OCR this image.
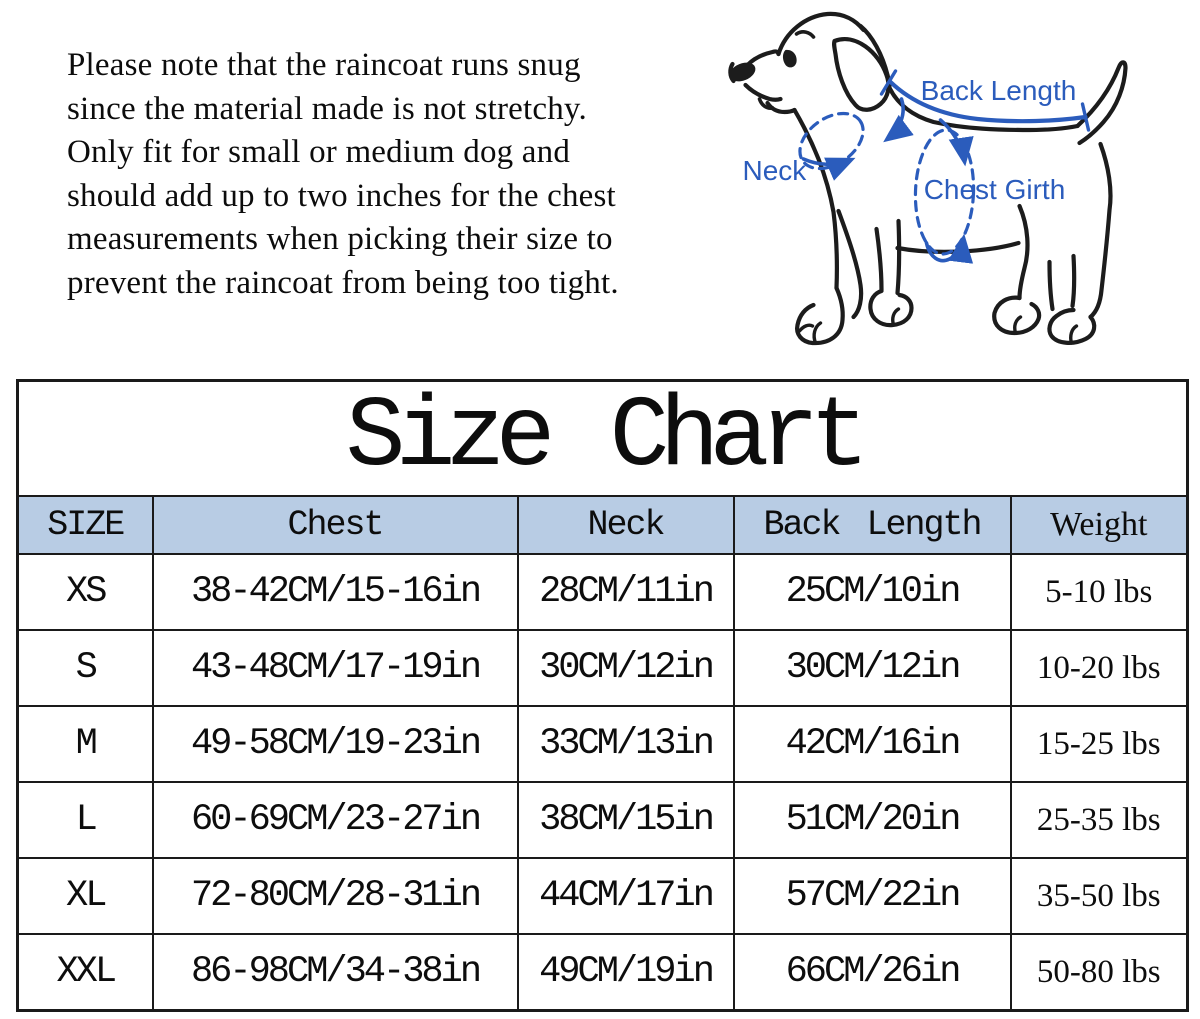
Please note that the raincoat runs snug
since the material made is not stretchy.
Only fit for small or medium dog and
should add up to two inches for the chest
measurements when picking their size to
prevent the raincoat from being too tight.
Back Length
Neck
Chest Girth
Size Chart				
SIZE	Chest	Neck	Back Length	Weight
XS	38-42CM/15-16in	28CM/11in	25CM/10in	5-10 lbs
S	43-48CM/17-19in	30CM/12in	30CM/12in	10-20 lbs
M	49-58CM/19-23in	33CM/13in	42CM/16in	15-25 lbs
L	60-69CM/23-27in	38CM/15in	51CM/20in	25-35 lbs
XL	72-80CM/28-31in	44CM/17in	57CM/22in	35-50 lbs
XXL	86-98CM/34-38in	49CM/19in	66CM/26in	50-80 lbs
